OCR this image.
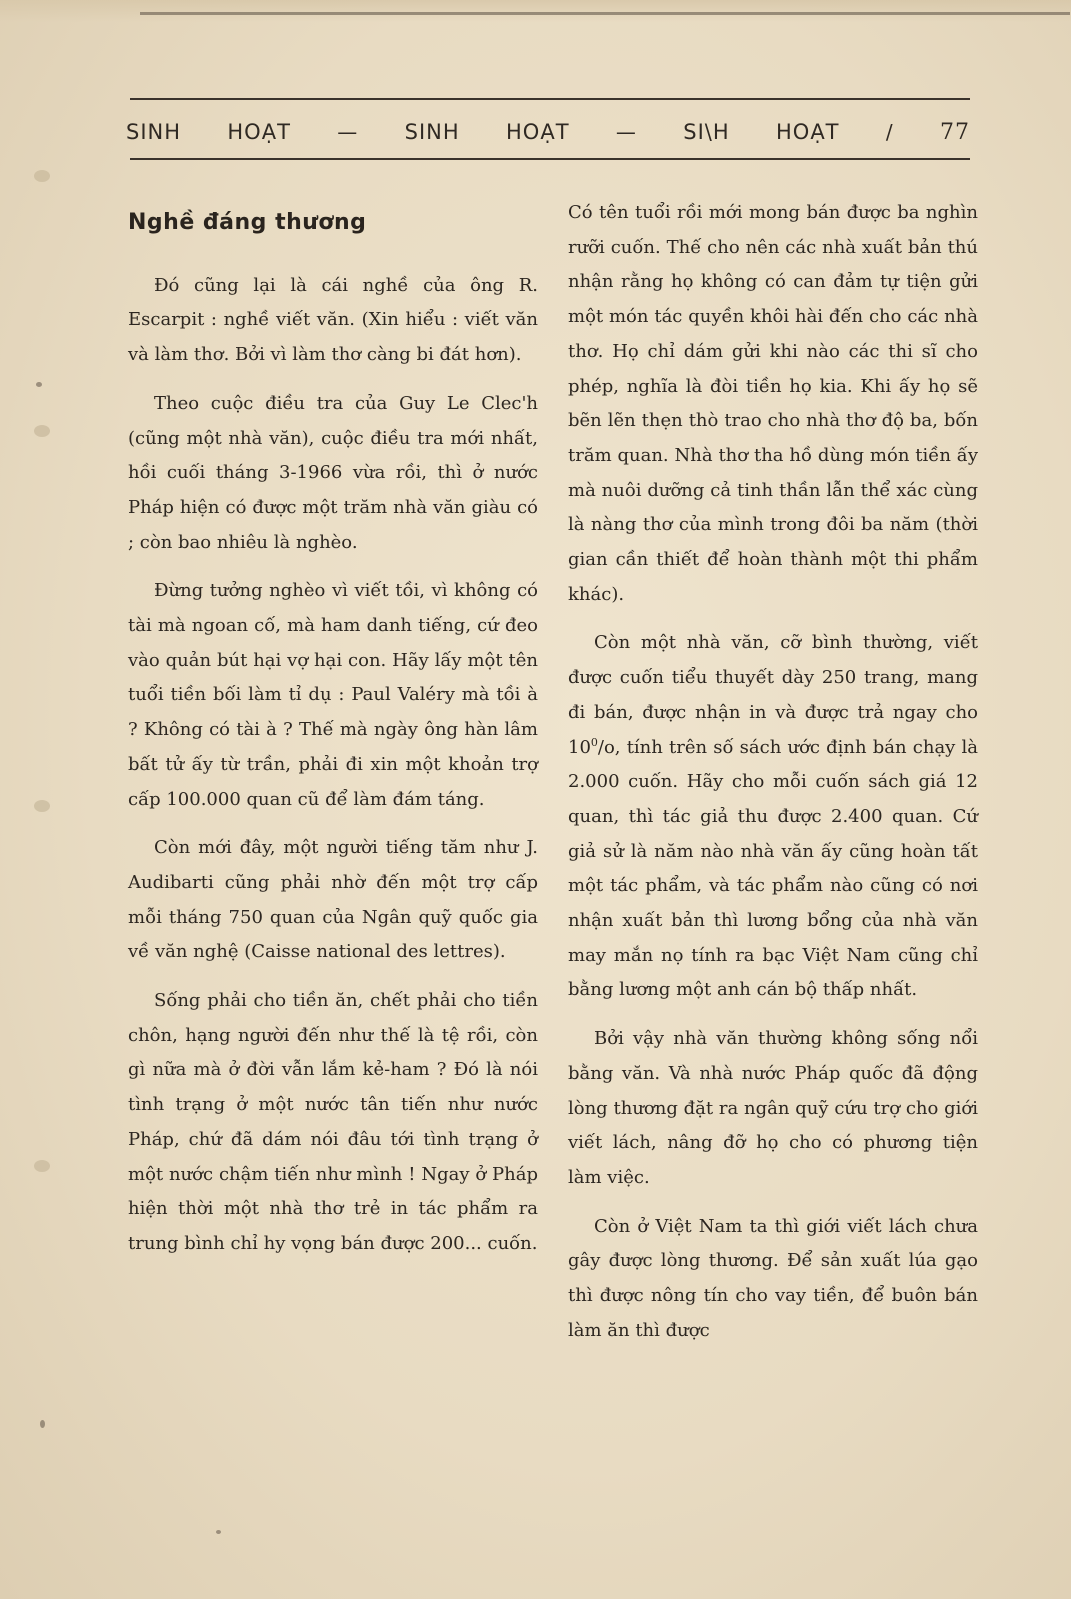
SINH HOẠT — SINH HOẠT — SI\H HOẠT / 77
Nghề đáng thương

Đó cũng lại là cái nghề của ông R. Escarpit : nghề viết văn. (Xin hiểu : viết văn và làm thơ. Bởi vì làm thơ càng bi đát hơn).

Theo cuộc điều tra của Guy Le Clec'h (cũng một nhà văn), cuộc điều tra mới nhất, hồi cuối tháng 3-1966 vừa rồi, thì ở nước Pháp hiện có được một trăm nhà văn giàu có ; còn bao nhiêu là nghèo.

Đừng tưởng nghèo vì viết tồi, vì không có tài mà ngoan cố, mà ham danh tiếng, cứ đeo vào quản bút hại vợ hại con. Hãy lấy một tên tuổi tiền bối làm tỉ dụ : Paul Valéry mà tồi à ? Không có tài à ? Thế mà ngày ông hàn lâm bất tử ấy từ trần, phải đi xin một khoản trợ cấp 100.000 quan cũ để làm đám táng.

Còn mới đây, một người tiếng tăm như J. Audibarti cũng phải nhờ đến một trợ cấp mỗi tháng 750 quan của Ngân quỹ quốc gia về văn nghệ (Caisse national des lettres).

Sống phải cho tiền ăn, chết phải cho tiền chôn, hạng người đến như thế là tệ rồi, còn gì nữa mà ở đời vẫn lắm kẻ-ham ? Đó là nói tình trạng ở một nước tân tiến như nước Pháp, chứ đã dám nói đâu tới tình trạng ở một nước chậm tiến như mình ! Ngay ở Pháp hiện thời một nhà thơ trẻ in tác phẩm ra trung bình chỉ hy vọng bán được 200... cuốn.

Có tên tuổi rồi mới mong bán được ba nghìn rưỡi cuốn. Thế cho nên các nhà xuất bản thú nhận rằng họ không có can đảm tự tiện gửi một món tác quyền khôi hài đến cho các nhà thơ. Họ chỉ dám gửi khi nào các thi sĩ cho phép, nghĩa là đòi tiền họ kia. Khi ấy họ sẽ bẽn lẽn thẹn thò trao cho nhà thơ độ ba, bốn trăm quan. Nhà thơ tha hồ dùng món tiền ấy mà nuôi dưỡng cả tinh thần lẫn thể xác cùng là nàng thơ của mình trong đôi ba năm (thời gian cần thiết để hoàn thành một thi phẩm khác).

Còn một nhà văn, cỡ bình thường, viết được cuốn tiểu thuyết dày 250 trang, mang đi bán, được nhận in và được trả ngay cho $10^0/o$, tính trên số sách ước định bán chạy là 2.000 cuốn. Hãy cho mỗi cuốn sách giá 12 quan, thì tác giả thu được 2.400 quan. Cứ giả sử là năm nào nhà văn ấy cũng hoàn tất một tác phẩm, và tác phẩm nào cũng có nơi nhận xuất bản thì lương bổng của nhà văn may mắn nọ tính ra bạc Việt Nam cũng chỉ bằng lương một anh cán bộ thấp nhất.

Bởi vậy nhà văn thường không sống nổi bằng văn. Và nhà nước Pháp quốc đã động lòng thương đặt ra ngân quỹ cứu trợ cho giới viết lách, nâng đỡ họ cho có phương tiện làm việc.

Còn ở Việt Nam ta thì giới viết lách chưa gây được lòng thương. Để sản xuất lúa gạo thì được nông tín cho vay tiền, để buôn bán làm ăn thì được
